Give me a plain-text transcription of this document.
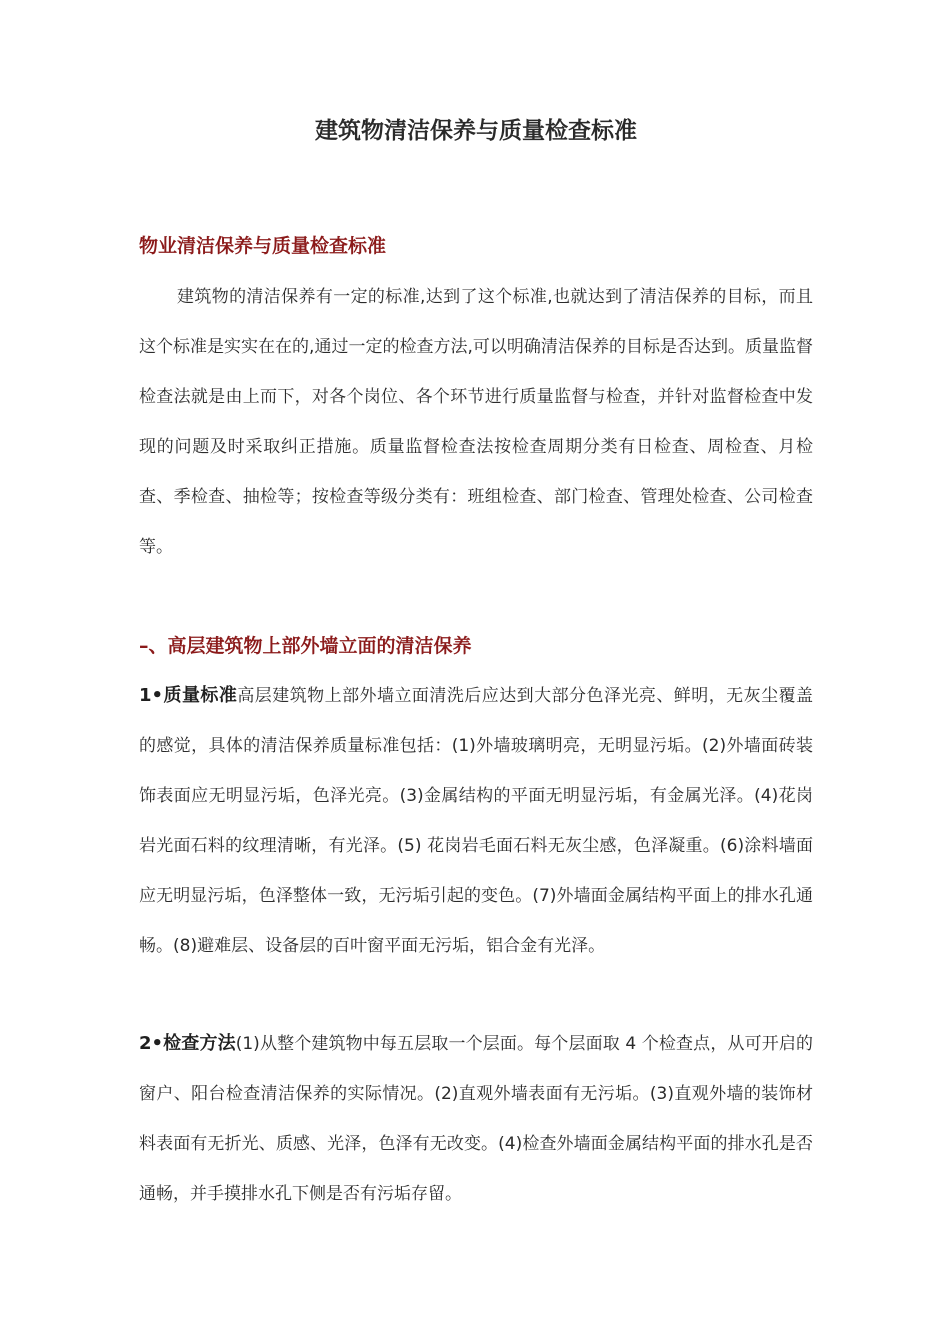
建筑物清洁保养与质量检查标准
物业清洁保养与质量检查标准

建筑物的清洁保养有一定的标准,达到了这个标准,也就达到了清洁保养的目标，而且这个标准是实实在在的,通过一定的检查方法,可以明确清洁保养的目标是否达到。质量监督检查法就是由上而下，对各个岗位、各个环节进行质量监督与检查，并针对监督检查中发现的问题及时采取纠正措施。质量监督检查法按检查周期分类有日检查、周检查、月检查、季检查、抽检等；按检查等级分类有：班组检查、部门检查、管理处检查、公司检查等。

–、高层建筑物上部外墙立面的清洁保养

1•质量标准高层建筑物上部外墙立面清洗后应达到大部分色泽光亮、鲜明，无灰尘覆盖的感觉，具体的清洁保养质量标准包括：(1)外墙玻璃明亮，无明显污垢。(2)外墙面砖装饰表面应无明显污垢，色泽光亮。(3)金属结构的平面无明显污垢，有金属光泽。(4)花岗岩光面石料的纹理清晰，有光泽。(5) 花岗岩毛面石料无灰尘感，色泽凝重。(6)涂料墙面应无明显污垢，色泽整体一致，无污垢引起的变色。(7)外墙面金属结构平面上的排水孔通畅。(8)避难层、设备层的百叶窗平面无污垢，铝合金有光泽。

2•检查方法(1)从整个建筑物中每五层取一个层面。每个层面取 4 个检查点，从可开启的窗户、阳台检查清洁保养的实际情况。(2)直观外墙表面有无污垢。(3)直观外墙的装饰材料表面有无折光、质感、光泽，色泽有无改变。(4)检查外墙面金属结构平面的排水孔是否通畅，并手摸排水孔下侧是否有污垢存留。
